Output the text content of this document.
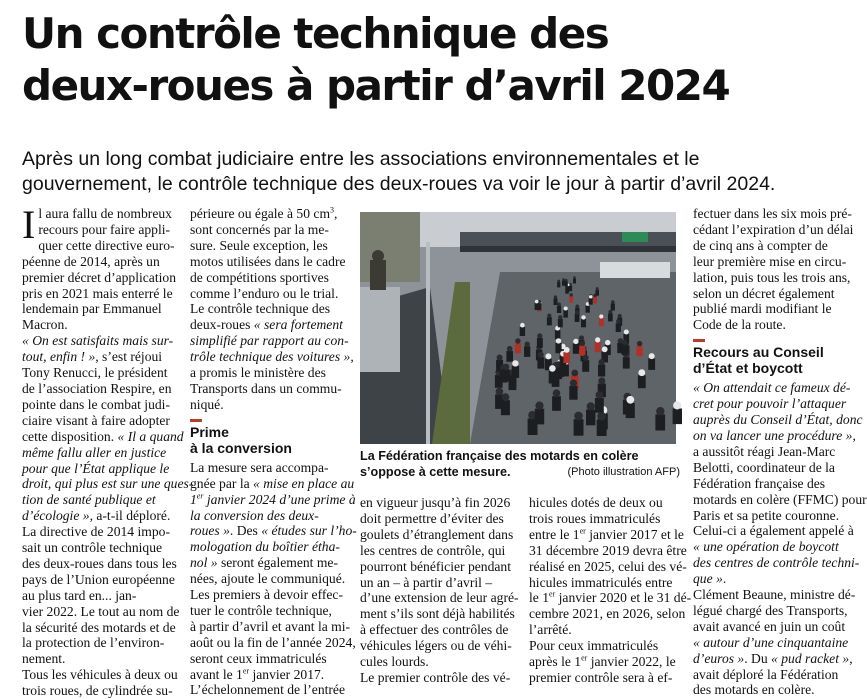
Un contrôle technique des
deux-roues à partir d’avril 2024

Après un long combat judiciaire entre les associations environnementales et le
gouvernement, le contrôle technique des deux-roues va voir le jour à partir d’avril 2024.

I l aura fallu de nombreux
recours pour faire appli-
quer cette directive euro-
péenne de 2014, après un
premier décret d’application
pris en 2021 mais enterré le
lendemain par Emmanuel
Macron.
« On est satisfaits mais sur-
tout, enfin ! », s’est réjoui
Tony Renucci, le président
de l’association Respire, en
pointe dans le combat judi-
ciaire visant à faire adopter
cette disposition. « Il a quand
même fallu aller en justice
pour que l’État applique le
droit, qui plus est sur une ques-
tion de santé publique et
d’écologie », a-t-il déploré.
La directive de 2014 impo-
sait un contrôle technique
des deux-roues dans tous les
pays de l’Union européenne
au plus tard en... jan-
vier 2022. Le tout au nom de
la sécurité des motards et de
la protection de l’environ-
nement.
Tous les véhicules à deux ou
trois roues, de cylindrée su-
périeure ou égale à 50 $cm^3$,
sont concernés par la me-
sure. Seule exception, les
motos utilisées dans le cadre
de compétitions sportives
comme l’enduro ou le trial.
Le contrôle technique des
deux-roues « sera fortement
simplifié par rapport au con-
trôle technique des voitures »,
a promis le ministère des
Transports dans un commu-
niqué.
Prime
à la conversion
La mesure sera accompa-
gnée par la « mise en place au
1er janvier 2024 d’une prime à
la conversion des deux-
roues ». Des « études sur l’ho-
mologation du boîtier étha-
nol » seront également me-
nées, ajoute le communiqué.
Les premiers à devoir effec-
tuer le contrôle technique,
à partir d’avril et avant la mi-
août ou la fin de l’année 2024,
seront ceux immatriculés
avant le 1er janvier 2017.
L’échelonnement de l’entrée
La Fédération française des motards en colère
s’oppose à cette mesure.	(Photo illustration AFP)
en vigueur jusqu’à fin 2026
doit permettre d’éviter des
goulets d’étranglement dans
les centres de contrôle, qui
pourront bénéficier pendant
un an – à partir d’avril –
d’une extension de leur agré-
ment s’ils sont déjà habilités
à effectuer des contrôles de
véhicules légers ou de véhi-
cules lourds.
Le premier contrôle des vé-
hicules dotés de deux ou
trois roues immatriculés
entre le 1er janvier 2017 et le
31 décembre 2019 devra être
réalisé en 2025, celui des vé-
hicules immatriculés entre
le 1er janvier 2020 et le 31 dé-
cembre 2021, en 2026, selon
l’arrêté.
Pour ceux immatriculés
après le 1er janvier 2022, le
premier contrôle sera à ef-
fectuer dans les six mois pré-
cédant l’expiration d’un délai
de cinq ans à compter de
leur première mise en circu-
lation, puis tous les trois ans,
selon un décret également
publié mardi modifiant le
Code de la route.
Recours au Conseil
d’État et boycott
« On attendait ce fameux dé-
cret pour pouvoir l’attaquer
auprès du Conseil d’État, donc
on va lancer une procédure »,
a aussitôt réagi Jean-Marc
Belotti, coordinateur de la
Fédération française des
motards en colère (FFMC) pour
Paris et sa petite couronne.
Celui-ci a également appelé à
« une opération de boycott
des centres de contrôle techni-
que ».
Clément Beaune, ministre dé-
légué chargé des Transports,
avait avancé en juin un coût
« autour d’une cinquantaine
d’euros ». Du « pud racket »,
avait déploré la Fédération
des motards en colère.
